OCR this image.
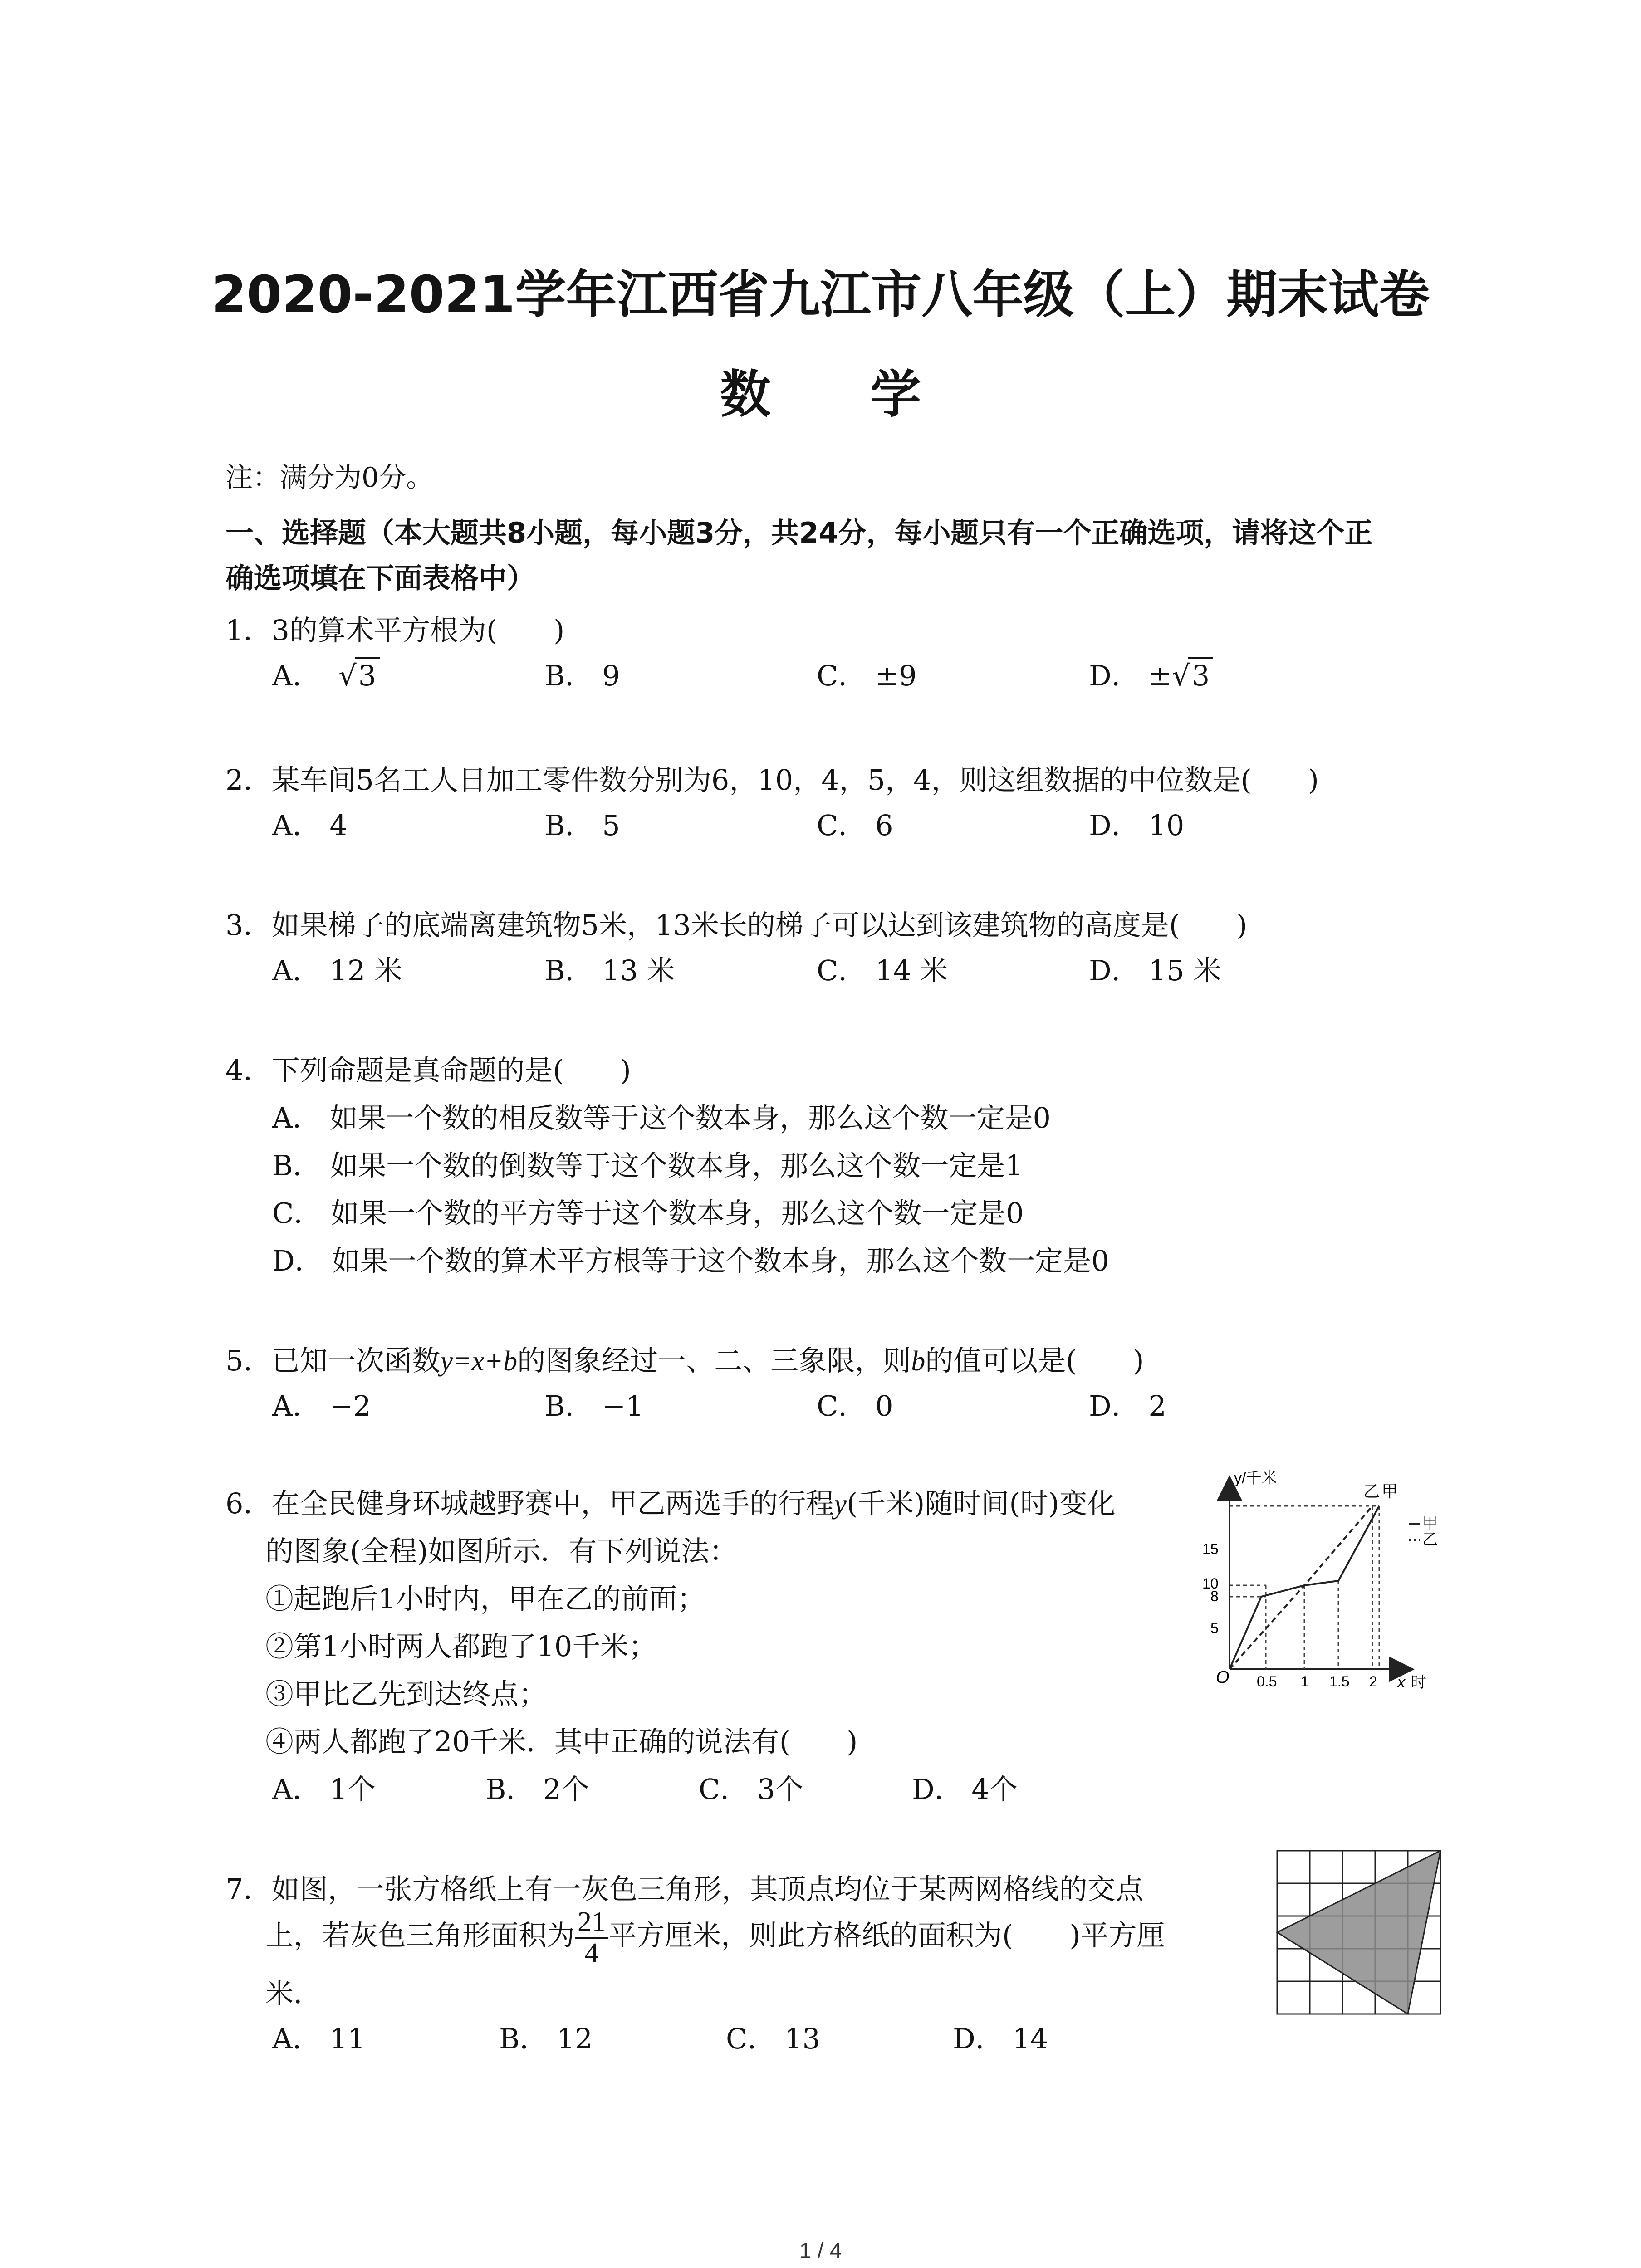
2020-2021学年江西省九江市八年级（上）期末试卷
数 学
注：满分为0分。
一、选择题（本大题共8小题，每小题3分，共24分，每小题只有一个正确选项，请将这个正
确选项填在下面表格中）
1．3的算术平方根为(　　)
A． √3	B． 9	C． ±9	D． ±√3
2．某车间5名工人日加工零件数分别为6，10，4，5，4，则这组数据的中位数是(　　)
A． 4	B． 5	C． 6	D． 10
3．如果梯子的底端离建筑物5米，13米长的梯子可以达到该建筑物的高度是(　　)
A． 12 米	B． 13 米	C． 14 米	D． 15 米
4．下列命题是真命题的是(　　)
A． 如果一个数的相反数等于这个数本身，那么这个数一定是0
B． 如果一个数的倒数等于这个数本身，那么这个数一定是1
C． 如果一个数的平方等于这个数本身，那么这个数一定是0
D． 如果一个数的算术平方根等于这个数本身，那么这个数一定是0
5．已知一次函数y=x+b的图象经过一、二、三象限，则b的值可以是(　　)
A． −2	B． −1	C． 0	D． 2
6．在全民健身环城越野赛中，甲乙两选手的行程y(千米)随时间(时)变化
的图象(全程)如图所示．有下列说法：
①起跑后1小时内，甲在乙的前面；
②第1小时两人都跑了10千米；
③甲比乙先到达终点；
④两人都跑了20千米．其中正确的说法有(　　)
A． 1个	B． 2个	C． 3个	D． 4个
O
y/千米
x 时
15
10
8
5
0.5 1 1.5 2
乙 甲
甲
乙
7．如图，一张方格纸上有一灰色三角形，其顶点均位于某两网格线的交点
上，若灰色三角形面积为 $\frac{21}{4}$ 平方厘米，则此方格纸的面积为(　　)平方厘
米．
A． 11	B． 12	C． 13	D． 14
1 / 4
